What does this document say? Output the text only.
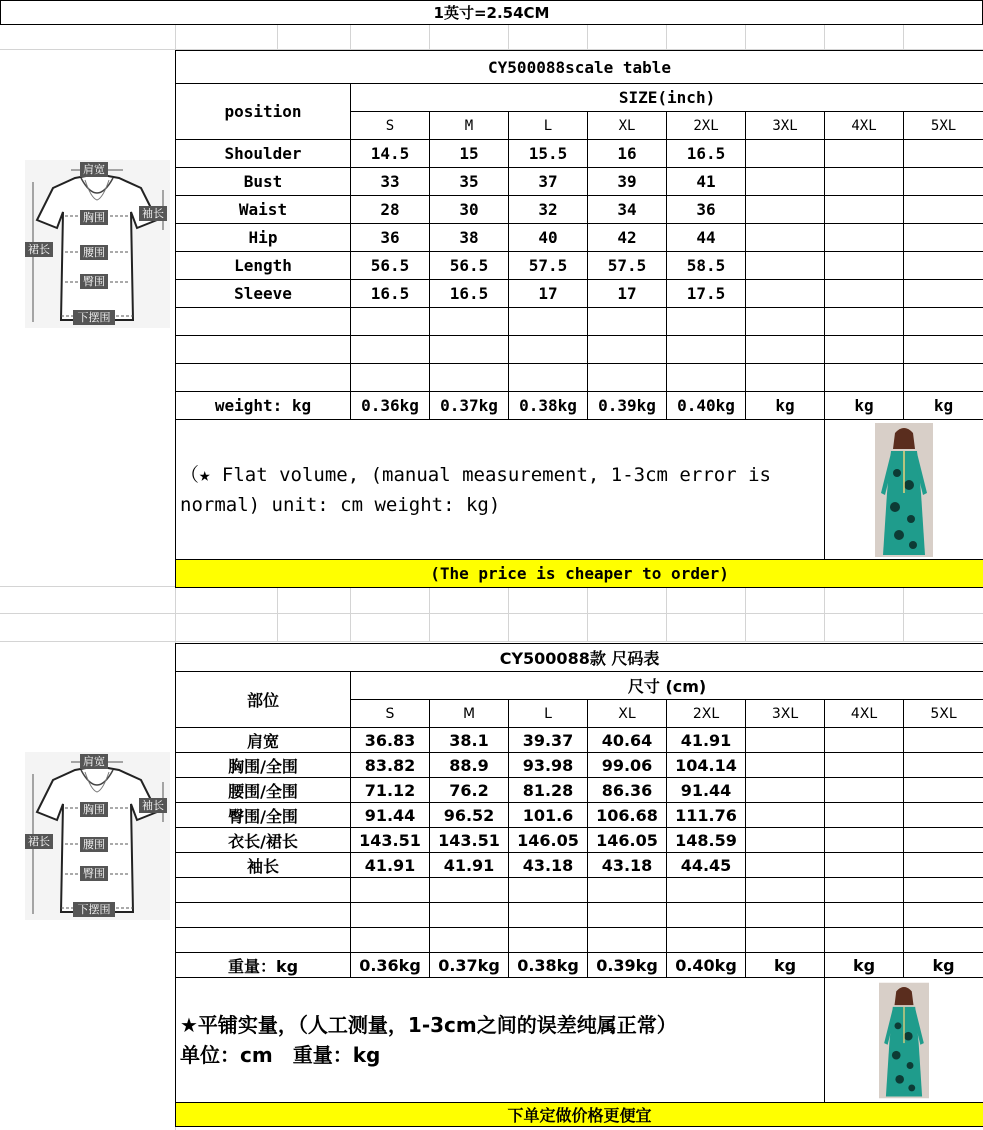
1英寸=2.54CM
肩宽
袖长
胸围
裙长	腰围
臀围
下摆围
肩宽
袖长
胸围
裙长	腰围
臀围
下摆围
CY500088scale table								
position	SIZE(inch)							
	S	M	L	XL	2XL	3XL	4XL	5XL
Shoulder	14.5	15	15.5	16	16.5			
Bust	33	35	37	39	41			
Waist	28	30	32	34	36			
Hip	36	38	40	42	44			
Length	56.5	56.5	57.5	57.5	58.5			
Sleeve	16.5	16.5	17	17	17.5			

weight: kg	0.36kg	0.37kg	0.38kg	0.39kg	0.40kg	kg	kg	kg
（★ Flat volume, (manual measurement, 1-3cm error is normal) unit: cm weight: kg)	

(The price is cheaper to order)								
CY500088款 尺码表								
部位	尺寸 (cm)							
	S	M	L	XL	2XL	3XL	4XL	5XL
肩宽	36.83	38.1	39.37	40.64	41.91			
胸围/全围	83.82	88.9	93.98	99.06	104.14			
腰围/全围	71.12	76.2	81.28	86.36	91.44			
臀围/全围	91.44	96.52	101.6	106.68	111.76			
衣长/裙长	143.51	143.51	146.05	146.05	148.59			
袖长	41.91	41.91	43.18	43.18	44.45			

重量：kg	0.36kg	0.37kg	0.38kg	0.39kg	0.40kg	kg	kg	kg

★平铺实量，（人工测量，1-3cm之间的误差纯属正常）
单位：cm　重量：kg

下单定做价格更便宜								
